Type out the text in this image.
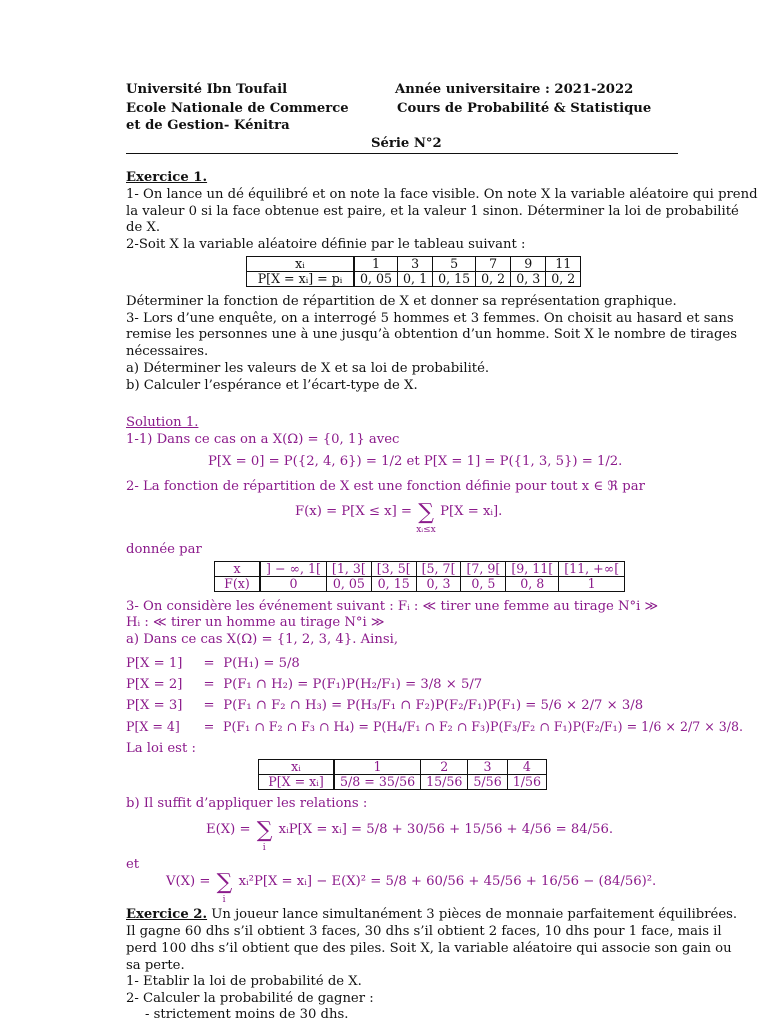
Université Ibn Toufail
Ecole Nationale de Commerce
et de Gestion- Kénitra
Année universitaire : 2021-2022
Cours de Probabilité & Statistique
Série N°2
Exercice 1.
1- On lance un dé équilibré et on note la face visible. On note X la variable aléatoire qui prend
la valeur 0 si la face obtenue est paire, et la valeur 1 sinon. Déterminer la loi de probabilité
de X.
2-Soit X la variable aléatoire définie par le tableau suivant :
xᵢ	1	3	5	7	9	11
P[X = xᵢ] = pᵢ	0, 05	0, 1	0, 15	0, 2	0, 3	0, 2
Déterminer la fonction de répartition de X et donner sa représentation graphique.
3- Lors d’une enquête, on a interrogé 5 hommes et 3 femmes. On choisit au hasard et sans
remise les personnes une à une jusqu’à obtention d’un homme. Soit X le nombre de tirages
nécessaires.
a) Déterminer les valeurs de X et sa loi de probabilité.
b) Calculer l’espérance et l’écart-type de X.
Solution 1.
1-1) Dans ce cas on a X(Ω) = {0, 1} avec
P[X = 0] = P({2, 4, 6}) = 1/2 et P[X = 1] = P({1, 3, 5}) = 1/2.
2- La fonction de répartition de X est une fonction définie pour tout x ∈ ℜ par
F(x) = P[X ≤ x] = ∑
xᵢ≤x
P[X = xᵢ].
donnée par
x	] − ∞, 1[	[1, 3[	[3, 5[	[5, 7[	[7, 9[	[9, 11[	[11, +∞[
F(x)	0	0, 05	0, 15	0, 3	0, 5	0, 8	1
3- On considère les événement suivant : Fᵢ : ≪ tirer une femme au tirage N°i ≫
Hᵢ : ≪ tirer un homme au tirage N°i ≫
a) Dans ce cas X(Ω) = {1, 2, 3, 4}. Ainsi,
P[X = 1] = P(H₁) = 5/8
P[X = 2] = P(F₁ ∩ H₂) = P(F₁)P(H₂/F₁) = 3/8 × 5/7
P[X = 3] = P(F₁ ∩ F₂ ∩ H₃) = P(H₃/F₁ ∩ F₂)P(F₂/F₁)P(F₁) = 5/6 × 2/7 × 3/8
P[X = 4] = P(F₁ ∩ F₂ ∩ F₃ ∩ H₄) = P(H₄/F₁ ∩ F₂ ∩ F₃)P(F₃/F₂ ∩ F₁)P(F₂/F₁) = 1/6 × 2/7 × 3/8.
La loi est :
xᵢ	1	2	3	4
P[X = xᵢ]	5/8 = 35/56	15/56	5/56	1/56
b) Il suffit d’appliquer les relations :
E(X) = ∑
i
xᵢP[X = xᵢ] = 5/8 + 30/56 + 15/56 + 4/56 = 84/56.
et
V(X) = ∑
i
xᵢ²P[X = xᵢ] − E(X)² = 5/8 + 60/56 + 45/56 + 16/56 − (84/56)².
Exercice 2. Un joueur lance simultanément 3 pièces de monnaie parfaitement équilibrées.
Il gagne 60 dhs s’il obtient 3 faces, 30 dhs s’il obtient 2 faces, 10 dhs pour 1 face, mais il
perd 100 dhs s’il obtient que des piles. Soit X, la variable aléatoire qui associe son gain ou
sa perte.
1- Etablir la loi de probabilité de X.
2- Calculer la probabilité de gagner :
- strictement moins de 30 dhs.
